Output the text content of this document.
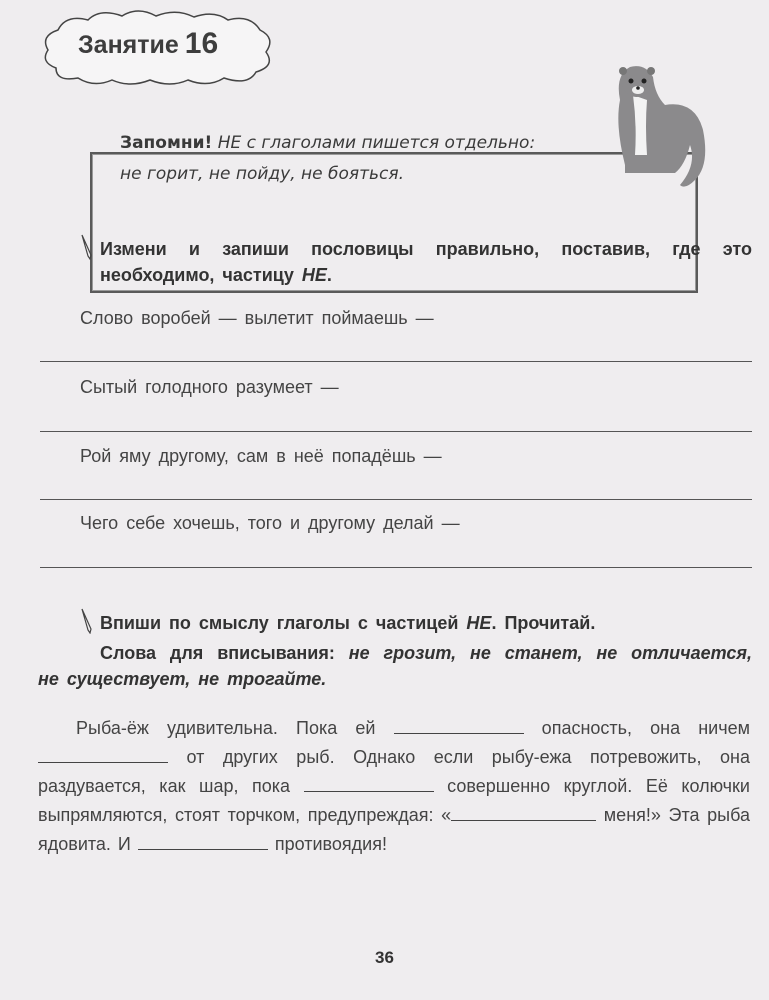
Занятие 16
Запомни! НЕ с глаголами пишется отдельно:
не горит, не пойду, не бояться.
Измени и запиши пословицы правильно, поставив, где это
необходимо, частицу НЕ.
Слово воробей — вылетит поймаешь —
Сытый голодного разумеет —
Рой яму другому, сам в неё попадёшь —
Чего себе хочешь, того и другому делай —
Впиши по смыслу глаголы с частицей НЕ. Прочитай.
Слова для вписывания: не грозит, не станет, не отличается,
не существует, не трогайте.
Рыба-ёж удивительна. Пока ей	опасность, она ничем  от других рыб. Однако если рыбу-ежа потревожить, она раздувается, как шар, пока	совершенно круглой. Её колючки выпрямляются, стоят торчком, предупреждая: «	меня!» Эта рыба ядовита. И	противоядия!
36
